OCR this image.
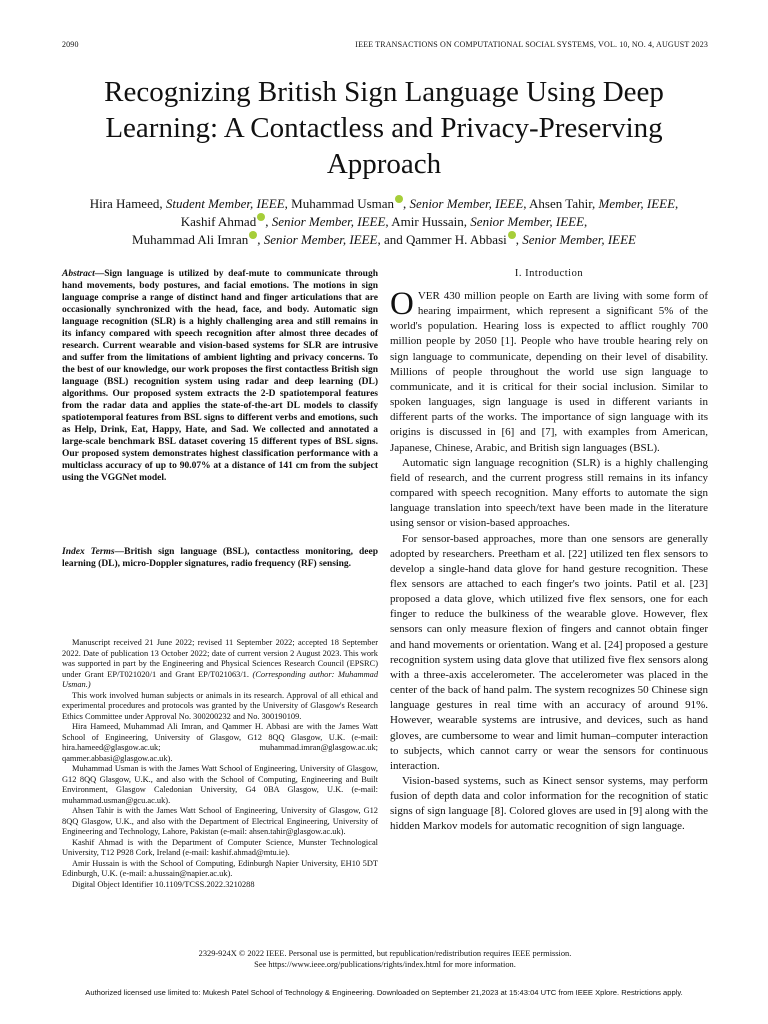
2090	IEEE TRANSACTIONS ON COMPUTATIONAL SOCIAL SYSTEMS, VOL. 10, NO. 4, AUGUST 2023
Recognizing British Sign Language Using Deep Learning: A Contactless and Privacy-Preserving Approach
Hira Hameed, Student Member, IEEE, Muhammad Usman , Senior Member, IEEE, Ahsen Tahir, Member, IEEE,
Kashif Ahmad , Senior Member, IEEE, Amir Hussain, Senior Member, IEEE,
Muhammad Ali Imran , Senior Member, IEEE, and Qammer H. Abbasi , Senior Member, IEEE
Abstract—Sign language is utilized by deaf-mute to communicate through hand movements, body postures, and facial emotions. The motions in sign language comprise a range of distinct hand and finger articulations that are occasionally synchronized with the head, face, and body. Automatic sign language recognition (SLR) is a highly challenging area and still remains in its infancy compared with speech recognition after almost three decades of research. Current wearable and vision-based systems for SLR are intrusive and suffer from the limitations of ambient lighting and privacy concerns. To the best of our knowledge, our work proposes the first contactless British sign language (BSL) recognition system using radar and deep learning (DL) algorithms. Our proposed system extracts the 2-D spatiotemporal features from the radar data and applies the state-of-the-art DL models to classify spatiotemporal features from BSL signs to different verbs and emotions, such as Help, Drink, Eat, Happy, Hate, and Sad. We collected and annotated a large-scale benchmark BSL dataset covering 15 different types of BSL signs. Our proposed system demonstrates highest classification performance with a multiclass accuracy of up to 90.07% at a distance of 141 cm from the subject using the VGGNet model.
Index Terms—British sign language (BSL), contactless monitoring, deep learning (DL), micro-Doppler signatures, radio frequency (RF) sensing.

Manuscript received 21 June 2022; revised 11 September 2022; accepted 18 September 2022. Date of publication 13 October 2022; date of current version 2 August 2023. This work was supported in part by the Engineering and Physical Sciences Research Council (EPSRC) under Grant EP/T021020/1 and Grant EP/T021063/1. (Corresponding author: Muhammad Usman.)

This work involved human subjects or animals in its research. Approval of all ethical and experimental procedures and protocols was granted by the University of Glasgow's Research Ethics Committee under Approval No. 300200232 and No. 300190109.

Hira Hameed, Muhammad Ali Imran, and Qammer H. Abbasi are with the James Watt School of Engineering, University of Glasgow, G12 8QQ Glasgow, U.K. (e-mail: hira.hameed@glasgow.ac.uk; muhammad.imran@glasgow.ac.uk; qammer.abbasi@glasgow.ac.uk).

Muhammad Usman is with the James Watt School of Engineering, University of Glasgow, G12 8QQ Glasgow, U.K., and also with the School of Computing, Engineering and Built Environment, Glasgow Caledonian University, G4 0BA Glasgow, U.K. (e-mail: muhammad.usman@gcu.ac.uk).

Ahsen Tahir is with the James Watt School of Engineering, University of Glasgow, G12 8QQ Glasgow, U.K., and also with the Department of Electrical Engineering, University of Engineering and Technology, Lahore, Pakistan (e-mail: ahsen.tahir@glasgow.ac.uk).

Kashif Ahmad is with the Department of Computer Science, Munster Technological University, T12 P928 Cork, Ireland (e-mail: kashif.ahmad@mtu.ie).

Amir Hussain is with the School of Computing, Edinburgh Napier University, EH10 5DT Edinburgh, U.K. (e-mail: a.hussain@napier.ac.uk).

Digital Object Identifier 10.1109/TCSS.2022.3210288

I. Introduction

OVER 430 million people on Earth are living with some form of hearing impairment, which represent a significant 5% of the world's population. Hearing loss is expected to afflict roughly 700 million people by 2050 [1]. People who have trouble hearing rely on sign language to communicate, depending on their level of disability. Millions of people throughout the world use sign language to communicate, and it is critical for their social inclusion. Similar to spoken languages, sign language is used in different variants in different parts of the works. The importance of sign language with its origins is discussed in [6] and [7], with examples from American, Japanese, Chinese, Arabic, and British sign languages (BSL).

Automatic sign language recognition (SLR) is a highly challenging field of research, and the current progress still remains in its infancy compared with speech recognition. Many efforts to automate the sign language translation into speech/text have been made in the literature using sensor or vision-based approaches.

For sensor-based approaches, more than one sensors are generally adopted by researchers. Preetham et al. [22] utilized ten flex sensors to develop a single-hand data glove for hand gesture recognition. These flex sensors are attached to each finger's two joints. Patil et al. [23] proposed a data glove, which utilized five flex sensors, one for each finger to reduce the bulkiness of the wearable glove. However, flex sensors can only measure flexion of fingers and cannot obtain finger and hand movements or orientation. Wang et al. [24] proposed a gesture recognition system using data glove that utilized five flex sensors along with a three-axis accelerometer. The accelerometer was placed in the center of the back of hand palm. The system recognizes 50 Chinese sign language gestures in real time with an accuracy of around 91%. However, wearable systems are intrusive, and devices, such as hand gloves, are cumbersome to wear and limit human–computer interaction to subjects, which cannot carry or wear the sensors for continuous interaction.

Vision-based systems, such as Kinect sensor systems, may perform fusion of depth data and color information for the recognition of static signs of sign language [8]. Colored gloves are used in [9] along with the hidden Markov models for automatic recognition of sign language.

2329-924X © 2022 IEEE. Personal use is permitted, but republication/redistribution requires IEEE permission.
See https://www.ieee.org/publications/rights/index.html for more information.
Authorized licensed use limited to: Mukesh Patel School of Technology & Engineering. Downloaded on September 21,2023 at 15:43:04 UTC from IEEE Xplore. Restrictions apply.
